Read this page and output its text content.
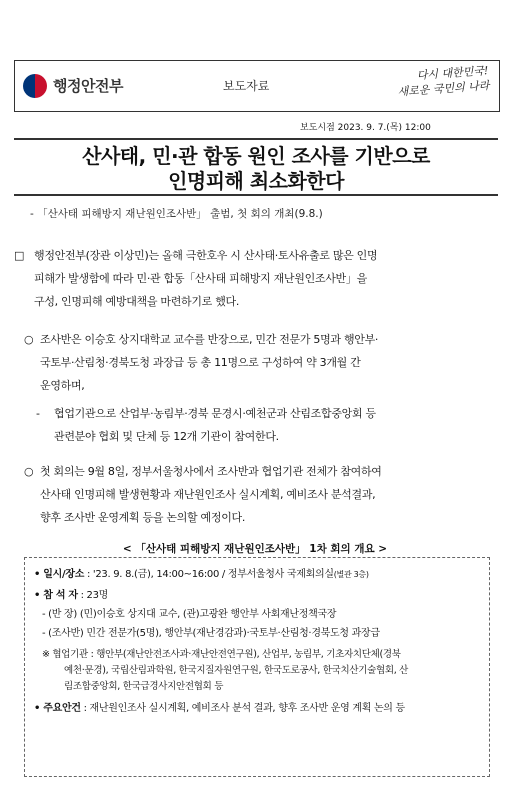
행정안전부	보도자료
다시 대한민국!
새로운 국민의 나라
보도시점 2023. 9. 7.(목) 12:00
산사태, 민·관 합동 원인 조사를 기반으로
인명피해 최소화한다
- 「산사태 피해방지 재난원인조사반」 출범, 첫 회의 개최(9.8.)
□ 행정안전부(장관 이상민)는 올해 극한호우 시 산사태·토사유출로 많은 인명
피해가 발생함에 따라 민·관 합동「산사태 피해방지 재난원인조사반」을
구성, 인명피해 예방대책을 마련하기로 했다.
○ 조사반은 이승호 상지대학교 교수를 반장으로, 민간 전문가 5명과 행안부·
국토부·산림청·경북도청 과장급 등 총 11명으로 구성하여 약 3개월 간
운영하며,
- 협업기관으로 산업부·농림부·경북 문경시·예천군과 산림조합중앙회 등
관련분야 협회 및 단체 등 12개 기관이 참여한다.
○ 첫 회의는 9월 8일, 정부서울청사에서 조사반과 협업기관 전체가 참여하여
산사태 인명피해 발생현황과 재난원인조사 실시계획, 예비조사 분석결과,
향후 조사반 운영계획 등을 논의할 예정이다.
< 「산사태 피해방지 재난원인조사반」 1차 회의 개요 >
• 일시/장소 : '23. 9. 8.(금), 14:00~16:00 / 정부서울청사 국제회의실(별관 3층)
• 참 석 자 : 23명
- (반 장) (민)이승호 상지대 교수, (관)고광완 행안부 사회재난정책국장
- (조사반) 민간 전문가(5명), 행안부(재난경감과)·국토부·산림청·경북도청 과장급
※ 협업기관 : 행안부(재난안전조사과·재난안전연구원), 산업부, 농림부, 기초자치단체(경북
예천·문경), 국립산림과학원, 한국지질자원연구원, 한국도로공사, 한국치산기술협회, 산
림조합중앙회, 한국급경사지안전협회 등
• 주요안건 : 재난원인조사 실시계획, 예비조사 분석 결과, 향후 조사반 운영 계획 논의 등
